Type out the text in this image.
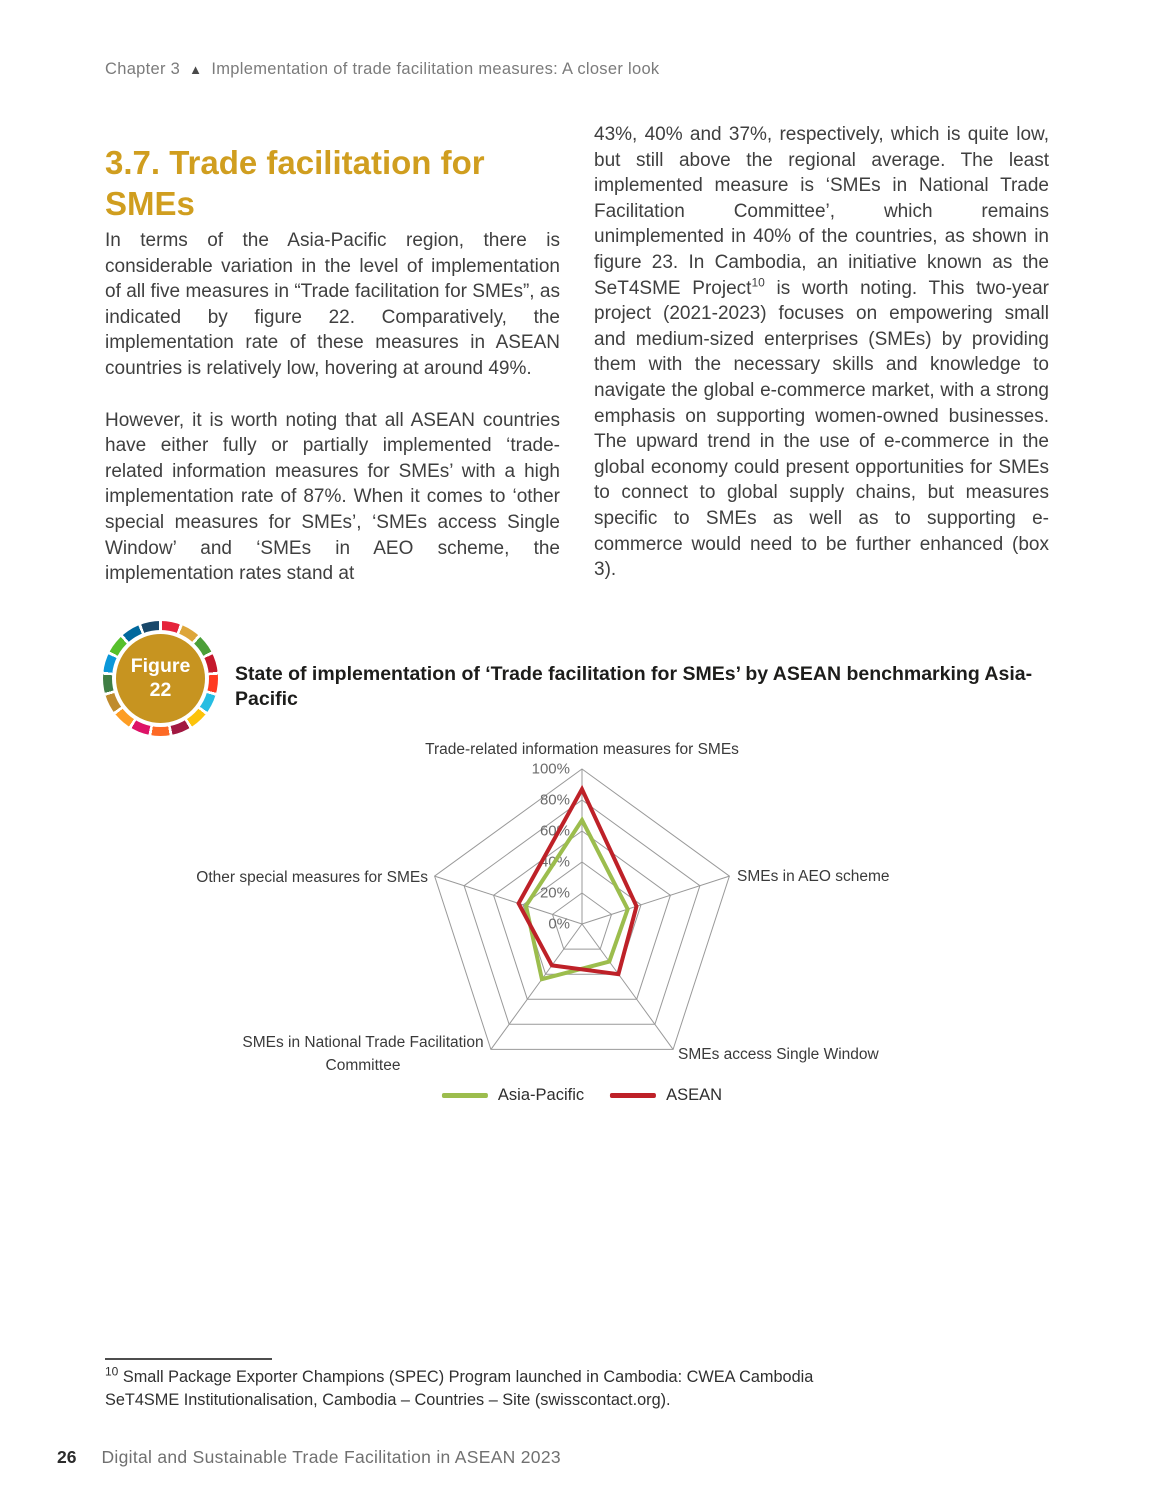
Chapter 3 ▲ Implementation of trade facilitation measures: A closer look
3.7. Trade facilitation for SMEs

In terms of the Asia-Pacific region, there is considerable variation in the level of implementation of all five measures in “Trade facilitation for SMEs”, as indicated by figure 22. Comparatively, the implementation rate of these measures in ASEAN countries is relatively low, hovering at around 49%.

However, it is worth noting that all ASEAN countries have either fully or partially implemented ‘trade-related information measures for SMEs’ with a high implementation rate of 87%. When it comes to ‘other special measures for SMEs’, ‘SMEs access Single Window’ and ‘SMEs in AEO scheme, the implementation rates stand at

43%, 40% and 37%, respectively, which is quite low, but still above the regional average. The least implemented measure is ‘SMEs in National Trade Facilitation Committee’, which remains unimplemented in 40% of the countries, as shown in figure 23. In Cambodia, an initiative known as the SeT4SME Project$^{10}$ is worth noting. This two-year project (2021-2023) focuses on empowering small and medium-sized enterprises (SMEs) by providing them with the necessary skills and knowledge to navigate the global e-commerce market, with a strong emphasis on supporting women-owned businesses. The upward trend in the use of e-commerce in the global economy could present opportunities for SMEs to connect to global supply chains, but measures specific to SMEs as well as to supporting e-commerce would need to be further enhanced (box 3).

Figure
22
State of implementation of ‘Trade facilitation for SMEs’ by ASEAN benchmarking Asia-Pacific
0%
20%
40%
60%
80%
100%
Trade-related information measures for SMEs
SMEs in AEO scheme
SMEs access Single Window
SMEs in National Trade Facilitation Committee
Other special measures for SMEs
Asia-Pacific	ASEAN
$^{10}$ Small Package Exporter Champions (SPEC) Program launched in Cambodia: CWEA Cambodia SeT4SME Institutionalisation, Cambodia – Countries – Site (swisscontact.org).
26 Digital and Sustainable Trade Facilitation in ASEAN 2023
